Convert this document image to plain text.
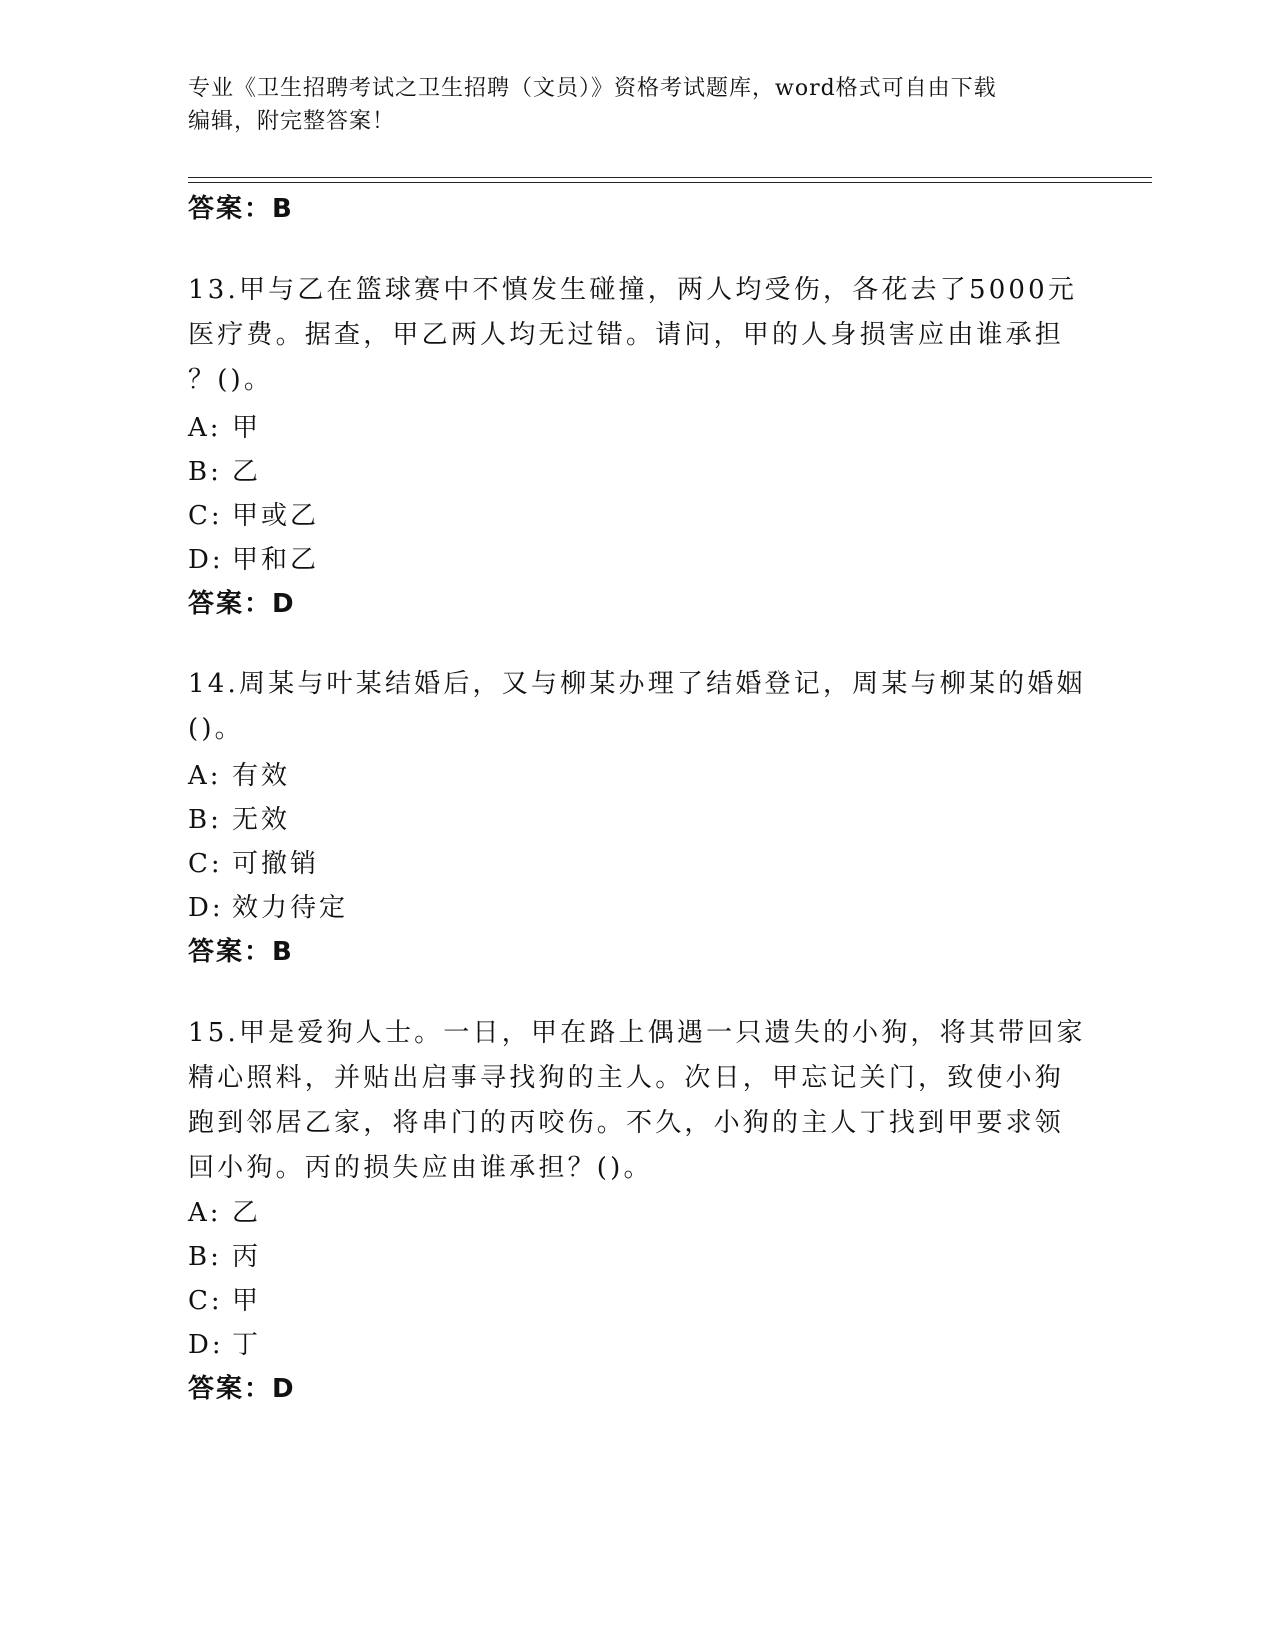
专业《卫生招聘考试之卫生招聘（文员）》资格考试题库，word格式可自由下载
编辑，附完整答案！
答案：B
13.甲与乙在篮球赛中不慎发生碰撞，两人均受伤，各花去了5000元
医疗费。据查，甲乙两人均无过错。请问，甲的人身损害应由谁承担
？()。
A: 甲
B: 乙
C: 甲或乙
D: 甲和乙
答案：D
14.周某与叶某结婚后，又与柳某办理了结婚登记，周某与柳某的婚姻
()。
A: 有效
B: 无效
C: 可撤销
D: 效力待定
答案：B
15.甲是爱狗人士。一日，甲在路上偶遇一只遗失的小狗，将其带回家
精心照料，并贴出启事寻找狗的主人。次日，甲忘记关门，致使小狗
跑到邻居乙家，将串门的丙咬伤。不久，小狗的主人丁找到甲要求领
回小狗。丙的损失应由谁承担？()。
A: 乙
B: 丙
C: 甲
D: 丁
答案：D
